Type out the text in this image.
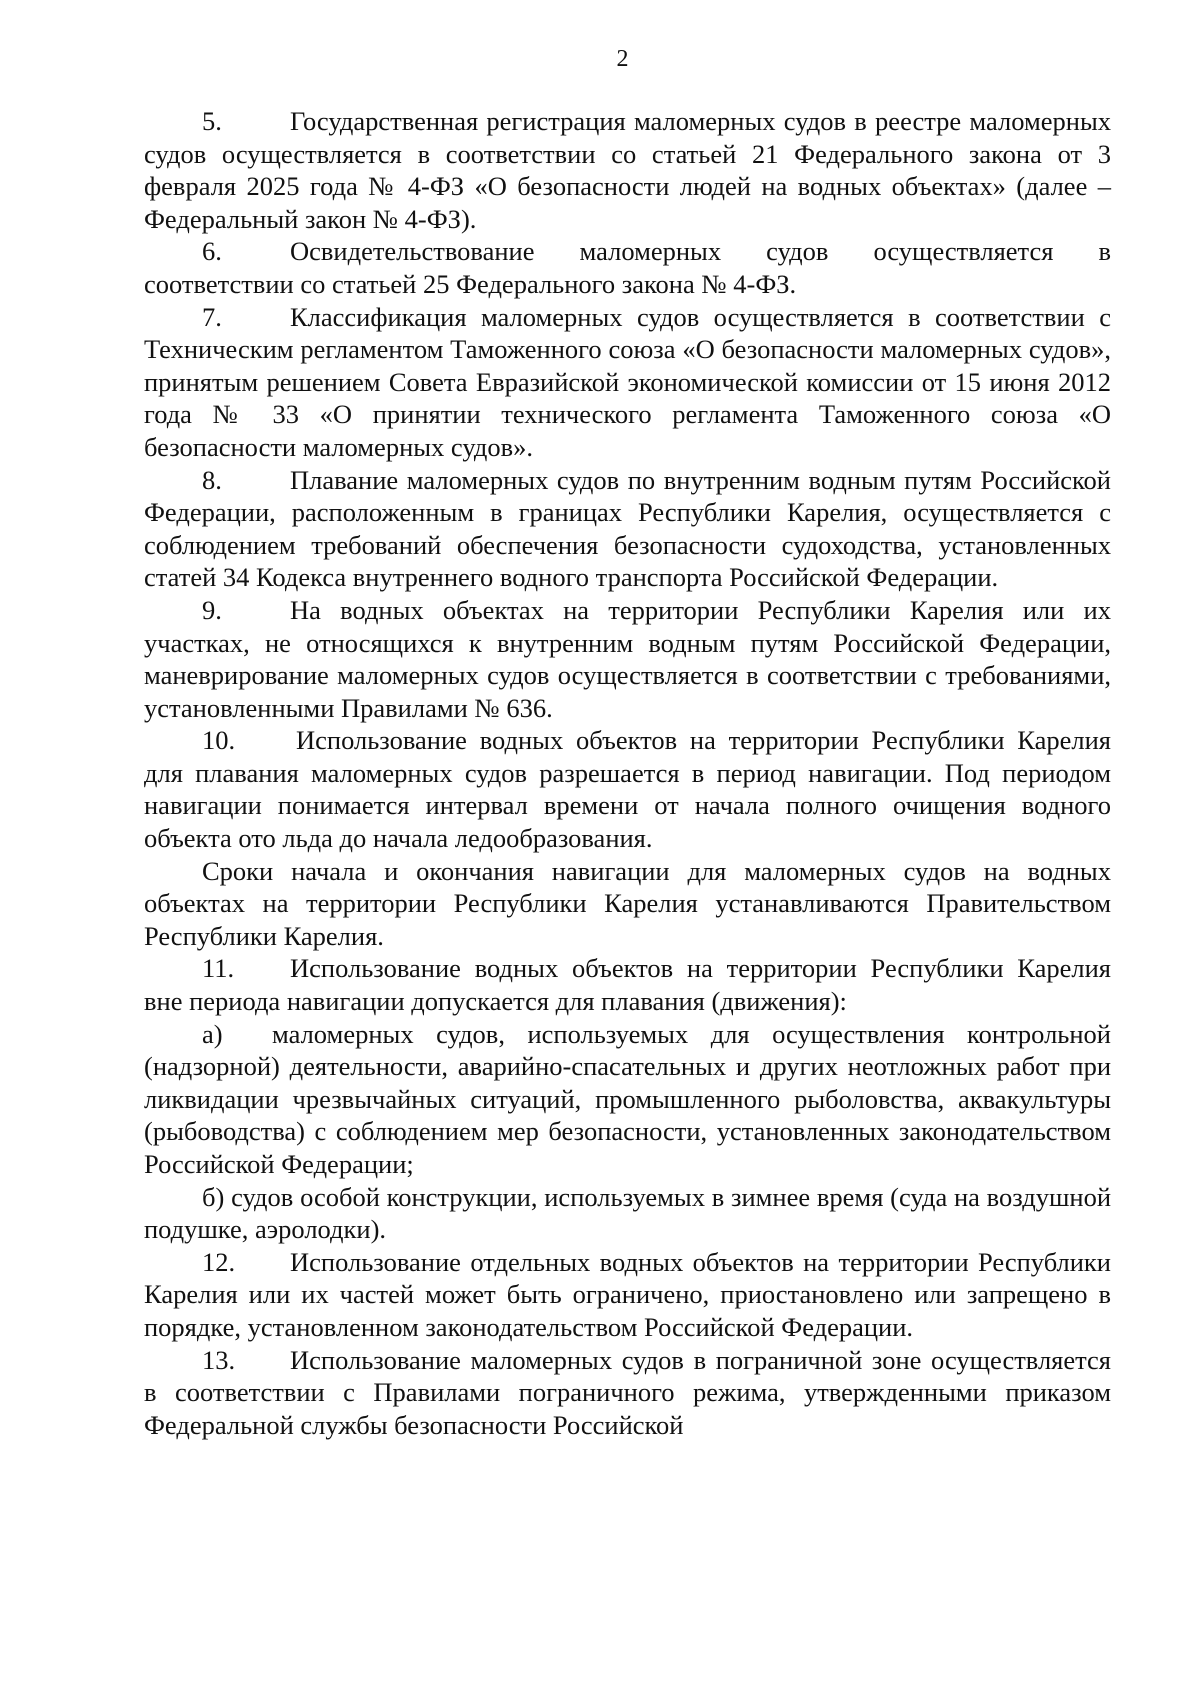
2

5.	Государственная регистрация маломерных судов в реестре маломерных судов осуществляется в соответствии со статьей 21 Федерального закона от 3 февраля 2025 года № 4-ФЗ «О безопасности людей на водных объектах» (далее – Федеральный закон № 4-ФЗ).

6.	Освидетельствование маломерных судов осуществляется в соответствии со статьей 25 Федерального закона № 4-ФЗ.

7.	Классификация маломерных судов осуществляется в соответствии с Техническим регламентом Таможенного союза «О безопасности маломерных судов», принятым решением Совета Евразийской экономической комиссии от 15 июня 2012 года № 33 «О принятии технического регламента Таможенного союза «О безопасности маломерных судов».

8.	Плавание маломерных судов по внутренним водным путям Российской Федерации, расположенным в границах Республики Карелия, осуществляется с соблюдением требований обеспечения безопасности судоходства, установленных статей 34 Кодекса внутреннего водного транспорта Российской Федерации.

9.	На водных объектах на территории Республики Карелия или их участках, не относящихся к внутренним водным путям Российской Федерации, маневрирование маломерных судов осуществляется в соответствии с требованиями, установленными Правилами № 636.

10. Использование водных объектов на территории Республики Карелия для плавания маломерных судов разрешается в период навигации. Под периодом навигации понимается интервал времени от начала полного очищения водного объекта ото льда до начала ледообразования.

Сроки начала и окончания навигации для маломерных судов на водных объектах на территории Республики Карелия устанавливаются Правительством Республики Карелия.

11. Использование водных объектов на территории Республики Карелия вне периода навигации допускается для плавания (движения):

а) маломерных судов, используемых для осуществления контрольной (надзорной) деятельности, аварийно-спасательных и других неотложных работ при ликвидации чрезвычайных ситуаций, промышленного рыболовства, аквакультуры (рыбоводства) с соблюдением мер безопасности, установленных законодательством Российской Федерации;

б) судов особой конструкции, используемых в зимнее время (суда на воздушной подушке, аэролодки).

12. Использование отдельных водных объектов на территории Республики Карелия или их частей может быть ограничено, приостановлено или запрещено в порядке, установленном законодательством Российской Федерации.

13. Использование маломерных судов в пограничной зоне осуществляется в соответствии с Правилами пограничного режима, утвержденными приказом Федеральной службы безопасности Российской
